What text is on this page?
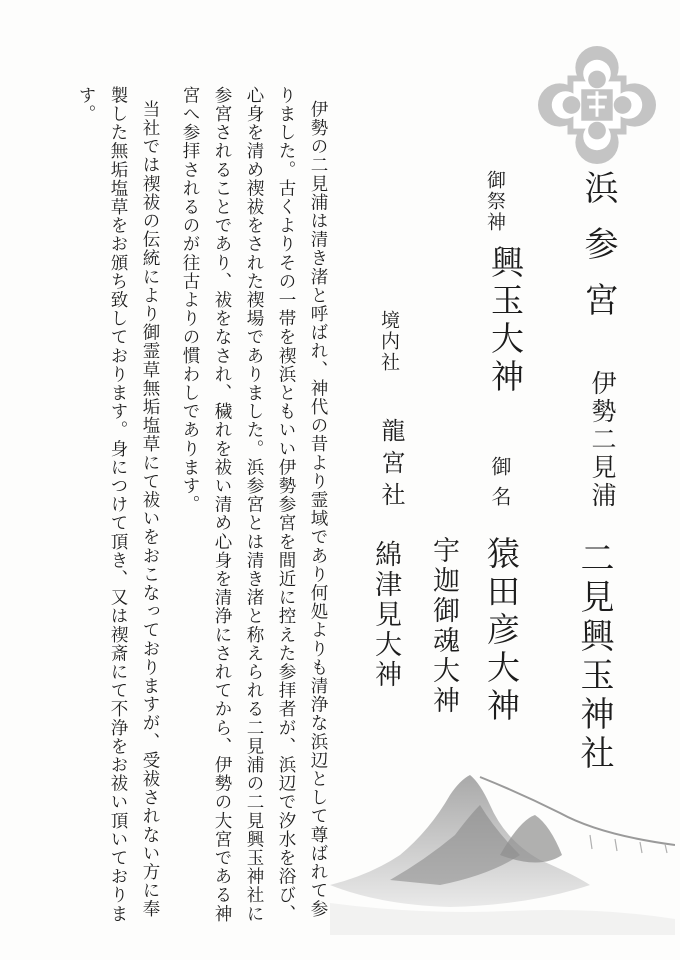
浜参宮
伊勢二見浦
二見興玉神社
御祭神
興玉大神
御名
猿田彦大神
宇迦御魂大神
境内社
龍宮社
綿津見大神
伊勢の二見浦は清き渚と呼ばれ、神代の昔より霊域であり何処よりも清浄な浜辺として尊ばれて参りました。古くよりその一帯を禊浜ともいい伊勢参宮を間近に控えた参拝者が、浜辺で汐水を浴び、心身を清め禊祓をされた禊場でありました。浜参宮とは清き渚と称えられる二見浦の二見興玉神社に参宮されることであり、祓をなされ、穢れを祓い清め心身を清浄にされてから、伊勢の大宮である神宮へ参拝されるのが往古よりの慣わしであります。
当社では禊祓の伝統により御霊草無垢塩草にて祓いをおこなっておりますが、受祓されない方に奉製した無垢塩草をお頒ち致しております。身につけて頂き、又は禊斎にて不浄をお祓い頂いております。
